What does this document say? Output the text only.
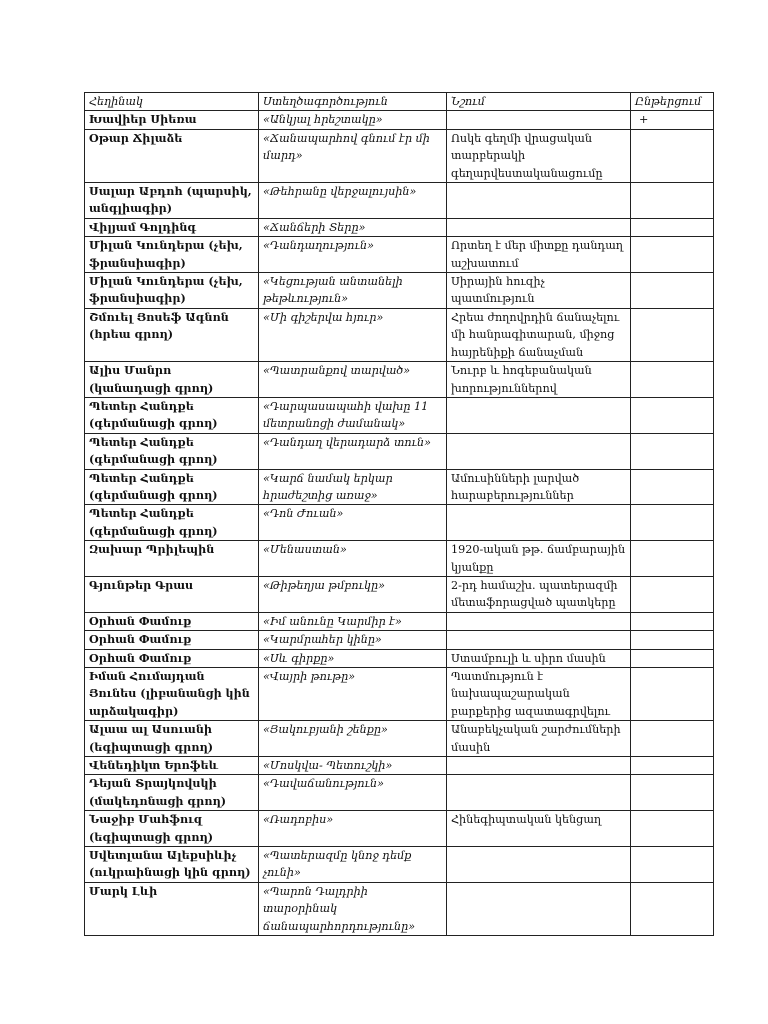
Հեղինակ	Ստեղծագործություն	Նշում	Ընթերցում
Խավիեր Սիեռա	«Անկյալ հրեշտակը»		+
Օթար Ճիլաձե	«Ճանապարհով գնում էր մի մարդ»	Ոսկե գեղմի վրացական տարբերակի գեղարվեստականացումը	
Սալար Աբդոհ (պարսիկ, անգլիագիր)	«Թեհրանը վերջալույսին»		
Վիլյամ Գոլդինգ	«Ճանճերի Տերը»		
Միլան Կունդերա (չեխ, ֆրանսիագիր)	«Դանդաղություն»	Որտեղ է մեր միտքը դանդաղ աշխատում	
Միլան Կունդերա (չեխ, ֆրանսիագիր)	«Կեցության անտանելի թեթևություն»	Սիրային հուզիչ պատմություն	
Շմուել Յոսեֆ Ագնոն (հրեա գրող)	«Մի գիշերվա հյուր»	Հրեա ժողովրդին ճանաչելու մի հանրագիտարան, միջոց հայրենիքի ճանաչման	
Ալիս Մանրո (կանադացի գրող)	«Պատրանքով տարված»	Նուրբ և հոգեբանական խորություններով	
Պետեր Հանդքե (գերմանացի գրող)	«Դարպասապահի վախը 11 մետրանոցի ժամանակ»		
Պետեր Հանդքե (գերմանացի գրող)	«Դանդաղ վերադարձ տուն»		
Պետեր Հանդքե (գերմանացի գրող)	«Կարճ նամակ երկար հրաժեշտից առաջ»	Ամուսինների լարված հարաբերություններ	
Պետեր Հանդքե (գերմանացի գրող)	«Դոն Ժուան»		
Զախար Պրիլեպին	«Մենաստան»	1920-ական թթ. ճամբարային կյանքը	
Գյունթեր Գրաս	«Թիթեղյա թմբուկը»	2-րդ համաշխ. պատերազմի մետաֆորացված պատկերը	
Օրհան Փամուք	«Իմ անունը Կարմիր է»		
Օրհան Փամուք	«Կարմրահեր կինը»		
Օրհան Փամուք	«Սև գիրքը»	Ստամբուլի և սիրո մասին	
Իման Հումայդան Յունես (լիբանանցի կին արձակագիր)	«Վայրի թութը»	Պատմություն է նախապաշարական բարքերից ազատագրվելու	
Ալաա ալ Ասուանի (եգիպտացի գրող)	«Յակուբյանի շենքը»	Անաբեկչական շարժումների մասին	
Վենեդիկտ Երոֆեև	«Մոսկվա- Պետուշկի»		
Դեյան Տրայկովսկի (մակեդոնացի գրող)	«Դավաճանություն»		
Նաջիբ Մահֆուզ (եգիպտացի գրող)	«Ռադոբիս»	Հինեգիպտական կենցաղ	
Սվետլանա Ալեքսիևիչ (ուկրաինացի կին գրող)	«Պատերազմը կնոջ դեմք չունի»		
Մարկ Լևի	«Պարոն Դալդրիի տարօրինակ ճանապարհորդությունը»		
